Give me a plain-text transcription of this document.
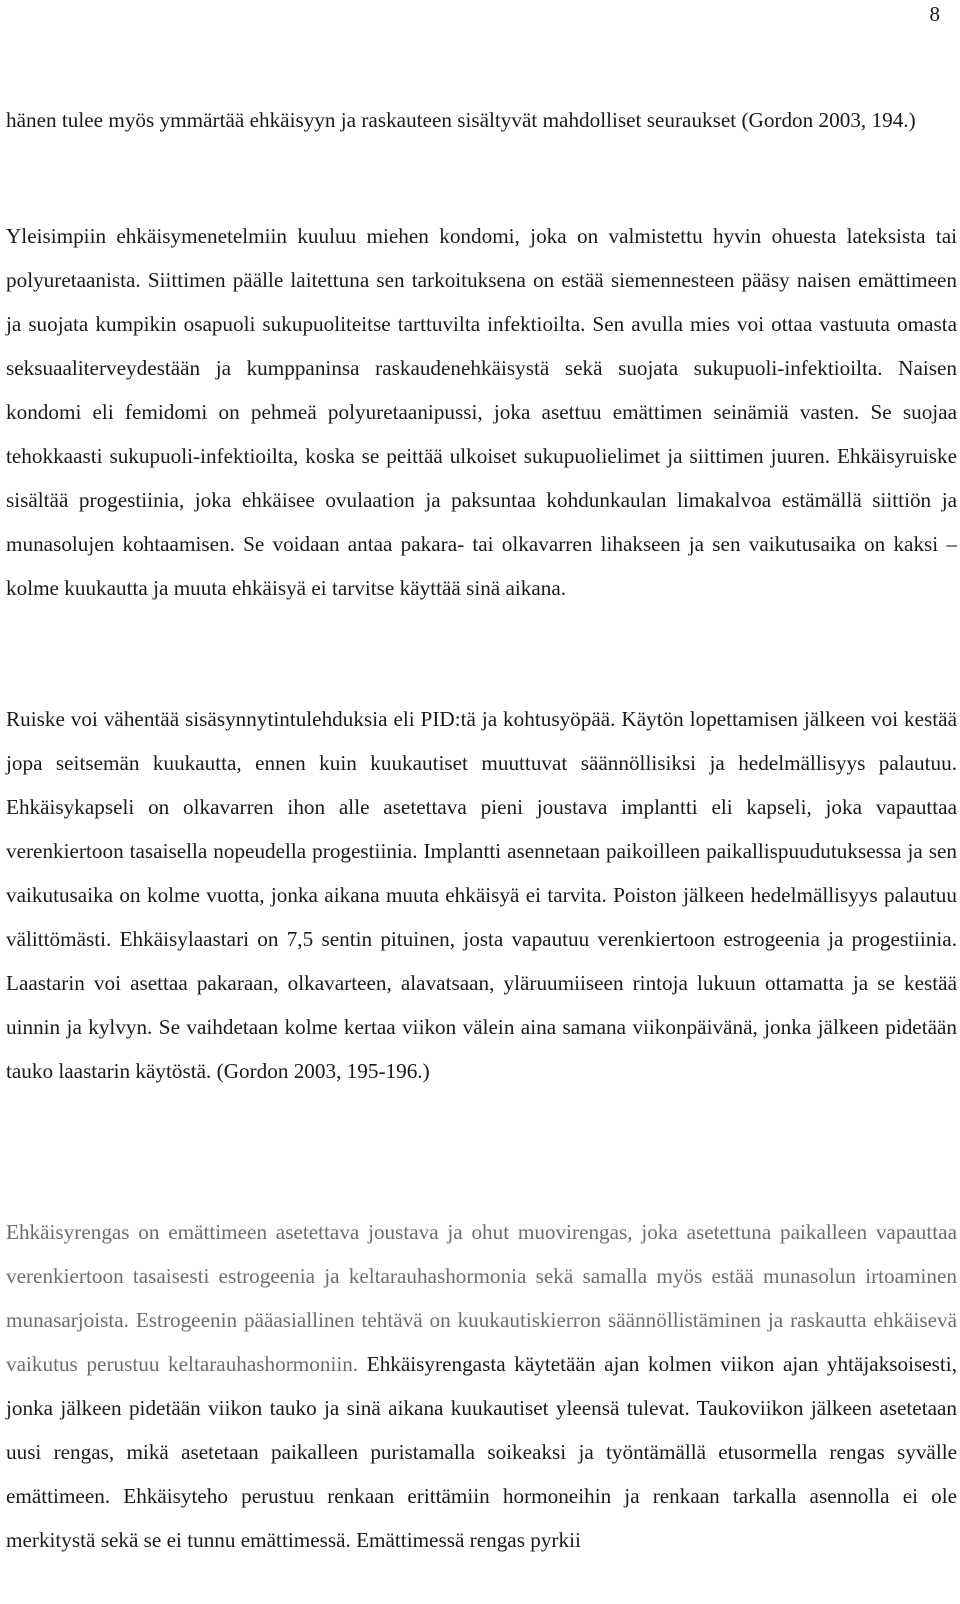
8

hänen tulee myös ymmärtää ehkäisyyn ja raskauteen sisältyvät mahdolliset seuraukset (Gordon 2003, 194.)

Yleisimpiin ehkäisymenetelmiin kuuluu miehen kondomi, joka on valmistettu hyvin ohuesta lateksista tai polyuretaanista. Siittimen päälle laitettuna sen tarkoituksena on estää siemennesteen pääsy naisen emättimeen ja suojata kumpikin osapuoli sukupuoliteitse tarttuvilta infektioilta. Sen avulla mies voi ottaa vastuuta omasta seksuaaliterveydestään ja kumppaninsa raskaudenehkäisystä sekä suojata sukupuoli-infektioilta. Naisen kondomi eli femidomi on pehmeä polyuretaanipussi, joka asettuu emättimen seinämiä vasten. Se suojaa tehokkaasti sukupuoli-infektioilta, koska se peittää ulkoiset sukupuolielimet ja siittimen juuren. Ehkäisyruiske sisältää progestiinia, joka ehkäisee ovulaation ja paksuntaa kohdunkaulan limakalvoa estämällä siittiön ja munasolujen kohtaamisen. Se voidaan antaa pakara- tai olkavarren lihakseen ja sen vaikutusaika on kaksi – kolme kuukautta ja muuta ehkäisyä ei tarvitse käyttää sinä aikana.

Ruiske voi vähentää sisäsynnytintulehduksia eli PID:tä ja kohtusyöpää. Käytön lopettamisen jälkeen voi kestää jopa seitsemän kuukautta, ennen kuin kuukautiset muuttuvat säännöllisiksi ja hedelmällisyys palautuu. Ehkäisykapseli on olkavarren ihon alle asetettava pieni joustava implantti eli kapseli, joka vapauttaa verenkiertoon tasaisella nopeudella progestiinia. Implantti asennetaan paikoilleen paikallispuudutuksessa ja sen vaikutusaika on kolme vuotta, jonka aikana muuta ehkäisyä ei tarvita. Poiston jälkeen hedelmällisyys palautuu välittömästi. Ehkäisylaastari on 7,5 sentin pituinen, josta vapautuu verenkiertoon estrogeenia ja progestiinia. Laastarin voi asettaa pakaraan, olkavarteen, alavatsaan, yläruumiiseen rintoja lukuun ottamatta ja se kestää uinnin ja kylvyn. Se vaihdetaan kolme kertaa viikon välein aina samana viikonpäivänä, jonka jälkeen pidetään tauko laastarin käytöstä. (Gordon 2003, 195-196.)

Ehkäisyrengas on emättimeen asetettava joustava ja ohut muovirengas, joka asetettuna paikalleen vapauttaa verenkiertoon tasaisesti estrogeenia ja keltarauhashormonia sekä samalla myös estää munasolun irtoaminen munasarjoista. Estrogeenin pääasiallinen tehtävä on kuukautiskierron säännöllistäminen ja raskautta ehkäisevä vaikutus perustuu keltarauhashormoniin. Ehkäisyrengasta käytetään ajan kolmen viikon ajan yhtäjaksoisesti, jonka jälkeen pidetään viikon tauko ja sinä aikana kuukautiset yleensä tulevat. Taukoviikon jälkeen asetetaan uusi rengas, mikä asetetaan paikalleen puristamalla soikeaksi ja työntämällä etusormella rengas syvälle emättimeen. Ehkäisyteho perustuu renkaan erittämiin hormoneihin ja renkaan tarkalla asennolla ei ole merkitystä sekä se ei tunnu emättimessä. Emättimessä rengas pyrkii
